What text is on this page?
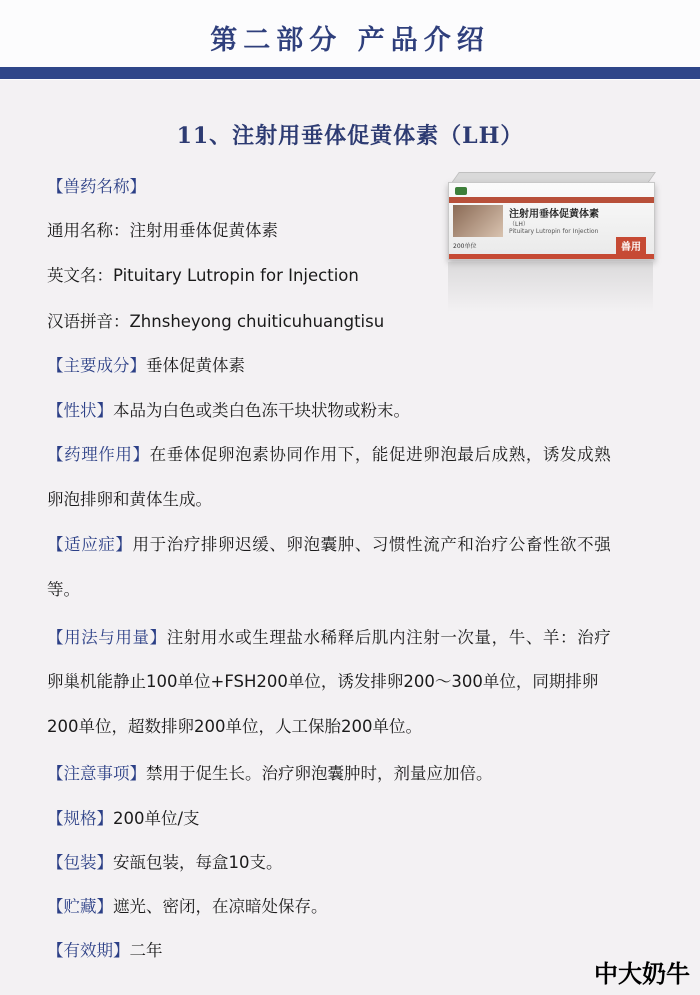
第二部分 产品介绍
11、注射用垂体促黄体素（LH）
注射用垂体促黄体素
（LH）
Pituitary Lutropin for Injection
200单位	兽用
【兽药名称】
通用名称：注射用垂体促黄体素
英文名：Pituitary Lutropin for Injection
汉语拼音：Zhnsheyong chuiticuhuangtisu
【主要成分】垂体促黄体素
【性状】本品为白色或类白色冻干块状物或粉末。
【药理作用】在垂体促卵泡素协同作用下，能促进卵泡最后成熟，诱发成熟
卵泡排卵和黄体生成。
【适应症】用于治疗排卵迟缓、卵泡囊肿、习惯性流产和治疗公畜性欲不强
等。
【用法与用量】注射用水或生理盐水稀释后肌内注射一次量，牛、羊：治疗
卵巢机能静止100单位+FSH200单位，诱发排卵200～300单位，同期排卵
200单位，超数排卵200单位，人工保胎200单位。
【注意事项】禁用于促生长。治疗卵泡囊肿时，剂量应加倍。
【规格】200单位/支
【包装】安瓿包装，每盒10支。
【贮藏】遮光、密闭，在凉暗处保存。
【有效期】二年
中大奶牛
